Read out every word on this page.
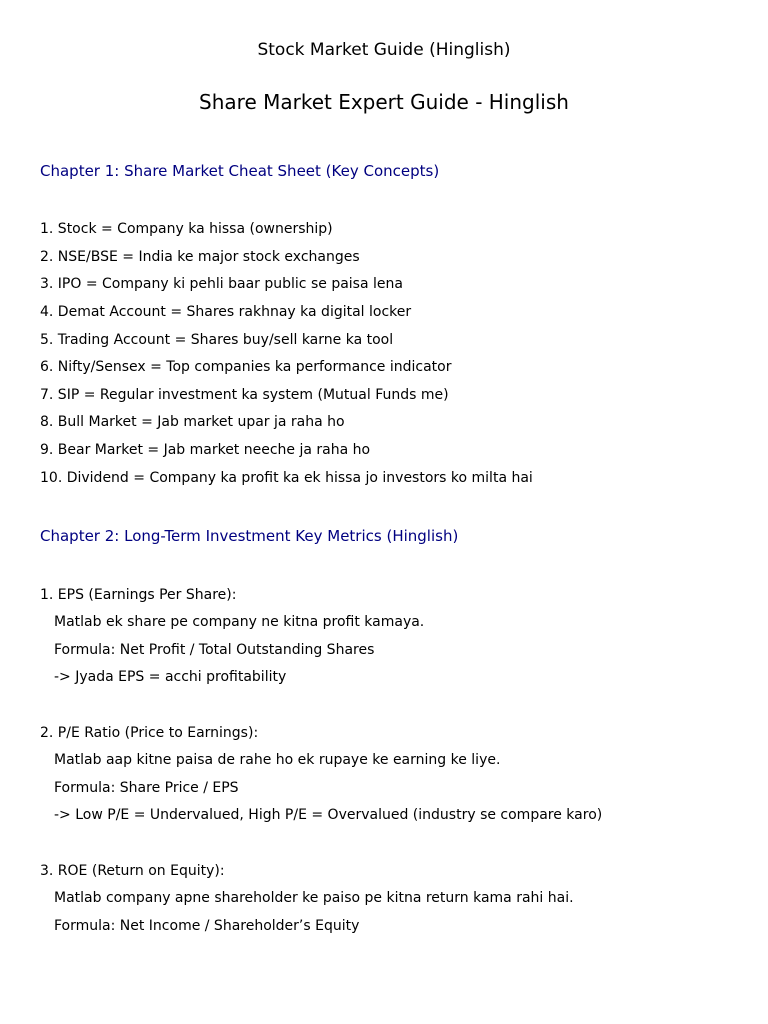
Stock Market Guide (Hinglish)
Share Market Expert Guide - Hinglish
Chapter 1: Share Market Cheat Sheet (Key Concepts)
1. Stock = Company ka hissa (ownership)
2. NSE/BSE = India ke major stock exchanges
3. IPO = Company ki pehli baar public se paisa lena
4. Demat Account = Shares rakhnay ka digital locker
5. Trading Account = Shares buy/sell karne ka tool
6. Nifty/Sensex = Top companies ka performance indicator
7. SIP = Regular investment ka system (Mutual Funds me)
8. Bull Market = Jab market upar ja raha ho
9. Bear Market = Jab market neeche ja raha ho
10. Dividend = Company ka profit ka ek hissa jo investors ko milta hai
Chapter 2: Long-Term Investment Key Metrics (Hinglish)
1. EPS (Earnings Per Share):
Matlab ek share pe company ne kitna profit kamaya.
Formula: Net Profit / Total Outstanding Shares
-> Jyada EPS = acchi profitability
2. P/E Ratio (Price to Earnings):
Matlab aap kitne paisa de rahe ho ek rupaye ke earning ke liye.
Formula: Share Price / EPS
-> Low P/E = Undervalued, High P/E = Overvalued (industry se compare karo)
3. ROE (Return on Equity):
Matlab company apne shareholder ke paiso pe kitna return kama rahi hai.
Formula: Net Income / Shareholder’s Equity
